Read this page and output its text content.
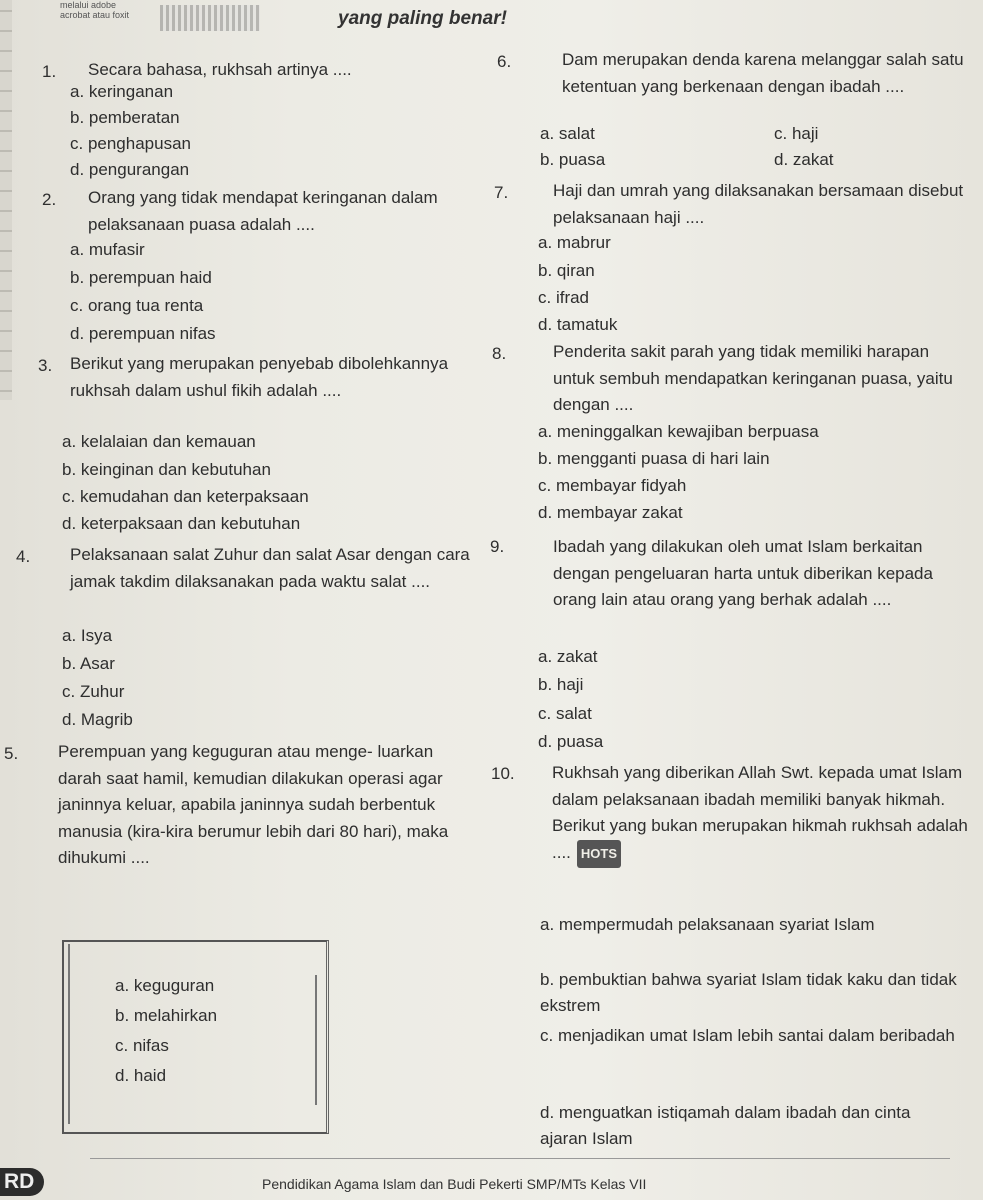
melalui adobe
acrobat atau foxit	yang paling benar!
1. Secara bahasa, rukhsah artinya ....
a. keringanan
b. pemberatan
c. penghapusan
d. pengurangan
2. Orang yang tidak mendapat keringanan dalam pelaksanaan puasa adalah ....
a. mufasir
b. perempuan haid
c. orang tua renta
d. perempuan nifas
3. Berikut yang merupakan penyebab dibolehkannya rukhsah dalam ushul fikih adalah ....
a. kelalaian dan kemauan
b. keinginan dan kebutuhan
c. kemudahan dan keterpaksaan
d. keterpaksaan dan kebutuhan
4. Pelaksanaan salat Zuhur dan salat Asar dengan cara jamak takdim dilaksanakan pada waktu salat ....
a. Isya
b. Asar
c. Zuhur
d. Magrib
5. Perempuan yang keguguran atau menge- luarkan darah saat hamil, kemudian dilakukan operasi agar janinnya keluar, apabila janinnya sudah berbentuk manusia (kira-kira berumur lebih dari 80 hari), maka dihukumi ....
a. keguguran
b. melahirkan
c. nifas
d. haid
6.	Dam merupakan denda karena melanggar salah satu ketentuan yang berkenaan dengan ibadah ....
a. salat
b. puasa
c. haji
d. zakat
7.	Haji dan umrah yang dilaksanakan bersamaan disebut pelaksanaan haji ....
a. mabrur
b. qiran
c. ifrad
d. tamatuk
8.	Penderita sakit parah yang tidak memiliki harapan untuk sembuh mendapatkan keringanan puasa, yaitu dengan ....
a. meninggalkan kewajiban berpuasa
b. mengganti puasa di hari lain
c. membayar fidyah
d. membayar zakat
9.	Ibadah yang dilakukan oleh umat Islam berkaitan dengan pengeluaran harta untuk diberikan kepada orang lain atau orang yang berhak adalah ....
a. zakat
b. haji
c. salat
d. puasa
10. Rukhsah yang diberikan Allah Swt. kepada umat Islam dalam pelaksanaan ibadah memiliki banyak hikmah. Berikut yang bukan merupakan hikmah rukhsah adalah .... HOTS
a. mempermudah pelaksanaan syariat Islam
b. pembuktian bahwa syariat Islam tidak kaku dan tidak ekstrem
c. menjadikan umat Islam lebih santai dalam beribadah
d. menguatkan istiqamah dalam ibadah dan cinta ajaran Islam
RD	Pendidikan Agama Islam dan Budi Pekerti SMP/MTs Kelas VII
